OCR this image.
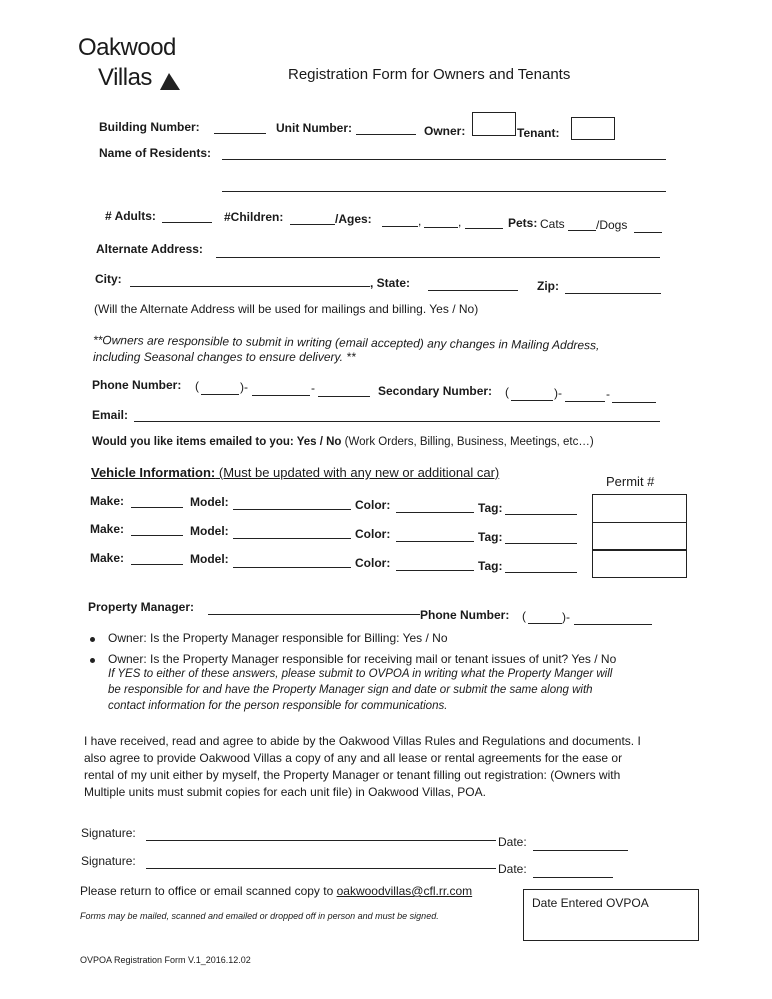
Oakwood
Villas	Registration Form for Owners and Tenants
Building Number:	Unit Number:	Owner:	Tenant:
Name of Residents:
# Adults:	#Children:	/Ages:	,	,	Pets: Cats	/Dogs
Alternate Address:
City:	, State:	Zip:
(Will the Alternate Address will be used for mailings and billing. Yes / No)
**Owners are responsible to submit in writing (email accepted) any changes in Mailing Address,
including Seasonal changes to ensure delivery. **
Phone Number: (	)-	-	Secondary Number: (	)-	-
Email:
Would you like items emailed to you: Yes / No (Work Orders, Billing, Business, Meetings, etc…)
Vehicle Information: (Must be updated with any new or additional car)
Permit #
Make:	Model:	Color:	Tag:
Make:	Model:	Color:	Tag:
Make:	Model:	Color:	Tag:
Property Manager:
Phone Number: (	)-
Owner: Is the Property Manager responsible for Billing: Yes / No
Owner: Is the Property Manager responsible for receiving mail or tenant issues of unit? Yes / No
If YES to either of these answers, please submit to OVPOA in writing what the Property Manger will
be responsible for and have the Property Manager sign and date or submit the same along with
contact information for the person responsible for communications.
I have received, read and agree to abide by the Oakwood Villas Rules and Regulations and documents. I
also agree to provide Oakwood Villas a copy of any and all lease or rental agreements for the ease or
rental of my unit either by myself, the Property Manager or tenant filling out registration: (Owners with
Multiple units must submit copies for each unit file) in Oakwood Villas, POA.
Signature:
Date:
Signature:
Date:
Please return to office or email scanned copy to oakwoodvillas@cfl.rr.com
Forms may be mailed, scanned and emailed or dropped off in person and must be signed.
Date Entered OVPOA
OVPOA Registration Form V.1_2016.12.02
